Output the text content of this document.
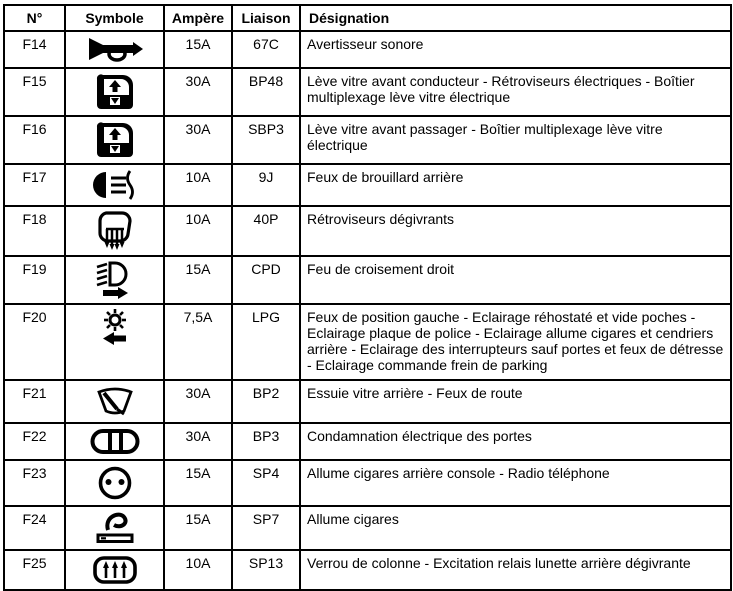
N°	Symbole	Ampère	Liaison	Désignation
F14		15A	67C	Avertisseur sonore
F15		30A	BP48	Lève vitre avant conducteur - Rétroviseurs électriques - Boîtier multiplexage lève vitre électrique
F16		30A	SBP3	Lève vitre avant passager - Boîtier multiplexage lève vitre électrique
F17		10A	9J	Feux de brouillard arrière
F18		10A	40P	Rétroviseurs dégivrants
F19		15A	CPD	Feu de croisement droit
F20		7,5A	LPG	Feux de position gauche - Eclairage réhostaté et vide poches - Eclairage plaque de police - Eclairage allume cigares et cendriers arrière - Eclairage des interrupteurs sauf portes et feux de détresse - Eclairage commande frein de parking
F21		30A	BP2	Essuie vitre arrière - Feux de route
F22		30A	BP3	Condamnation électrique des portes
F23		15A	SP4	Allume cigares arrière console - Radio téléphone
F24		15A	SP7	Allume cigares
F25		10A	SP13	Verrou de colonne - Excitation relais lunette arrière dégivrante
